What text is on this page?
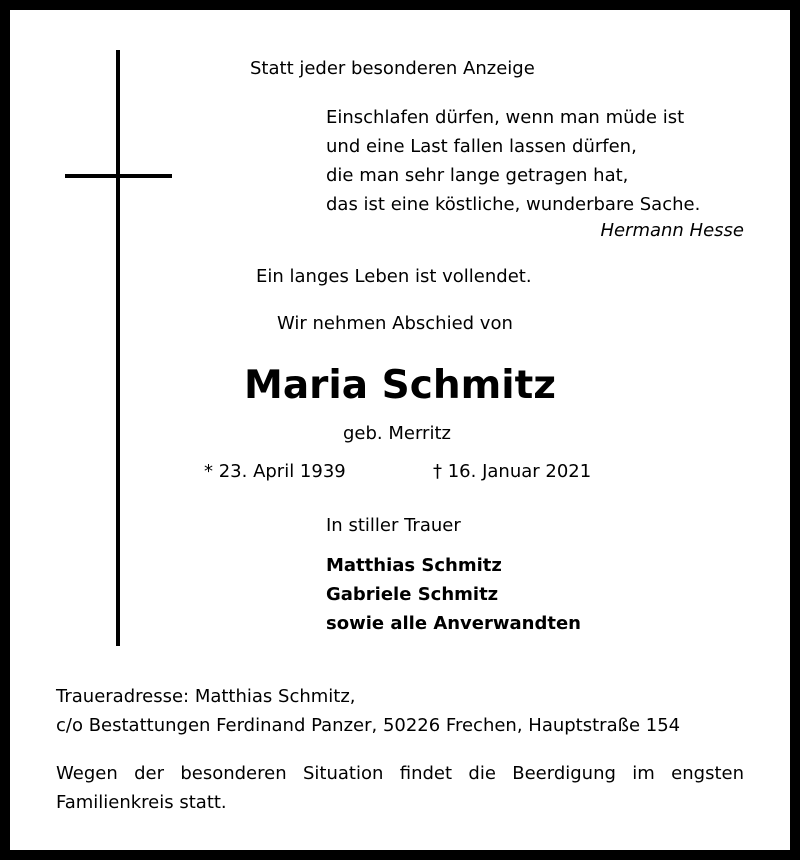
Statt jeder besonderen Anzeige
Einschlafen dürfen, wenn man müde ist
und eine Last fallen lassen dürfen,
die man sehr lange getragen hat,
das ist eine köstliche, wunderbare Sache.
Hermann Hesse
Ein langes Leben ist vollendet.
Wir nehmen Abschied von
Maria Schmitz
geb. Merritz
* 23. April 1939	† 16. Januar 2021
In stiller Trauer
Matthias Schmitz
Gabriele Schmitz
sowie alle Anverwandten
Traueradresse: Matthias Schmitz,
c/o Bestattungen Ferdinand Panzer, 50226 Frechen, Hauptstraße 154
Wegen der besonderen Situation findet die Beerdigung im engsten Familienkreis statt.
